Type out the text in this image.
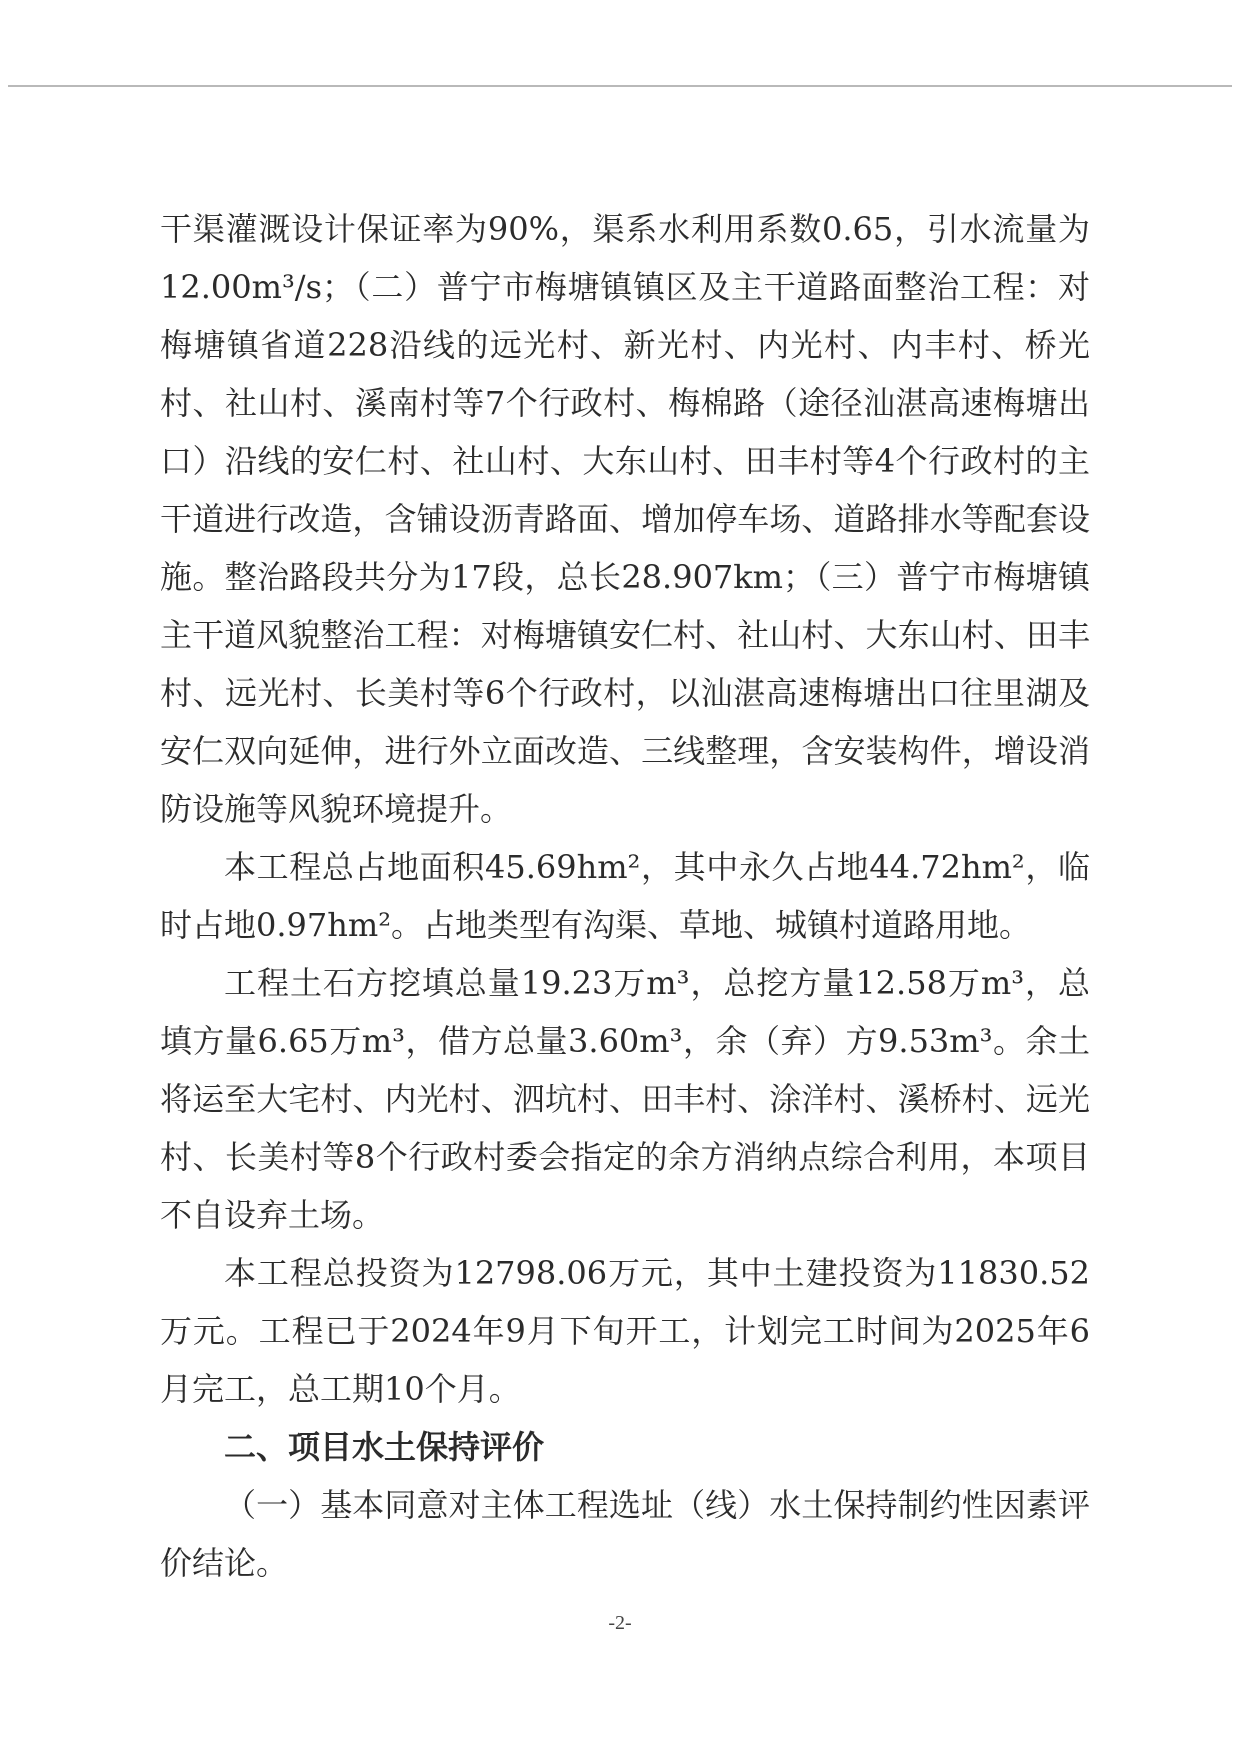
干渠灌溉设计保证率为90%，渠系水利用系数0.65，引水流量为12.00m³/s；（二）普宁市梅塘镇镇区及主干道路面整治工程：对梅塘镇省道228沿线的远光村、新光村、内光村、内丰村、桥光村、社山村、溪南村等7个行政村、梅棉路（途径汕湛高速梅塘出口）沿线的安仁村、社山村、大东山村、田丰村等4个行政村的主干道进行改造，含铺设沥青路面、增加停车场、道路排水等配套设施。整治路段共分为17段，总长28.907km；（三）普宁市梅塘镇主干道风貌整治工程：对梅塘镇安仁村、社山村、大东山村、田丰村、远光村、长美村等6个行政村，以汕湛高速梅塘出口往里湖及安仁双向延伸，进行外立面改造、三线整理，含安装构件，增设消防设施等风貌环境提升。

本工程总占地面积45.69hm²，其中永久占地44.72hm²，临时占地0.97hm²。占地类型有沟渠、草地、城镇村道路用地。

工程土石方挖填总量19.23万m³，总挖方量12.58万m³，总填方量6.65万m³，借方总量3.60m³，余（弃）方9.53m³。余土将运至大宅村、内光村、泗坑村、田丰村、涂洋村、溪桥村、远光村、长美村等8个行政村委会指定的余方消纳点综合利用，本项目不自设弃土场。

本工程总投资为12798.06万元，其中土建投资为11830.52万元。工程已于2024年9月下旬开工，计划完工时间为2025年6月完工，总工期10个月。

二、项目水土保持评价

（一）基本同意对主体工程选址（线）水土保持制约性因素评价结论。

-2-
